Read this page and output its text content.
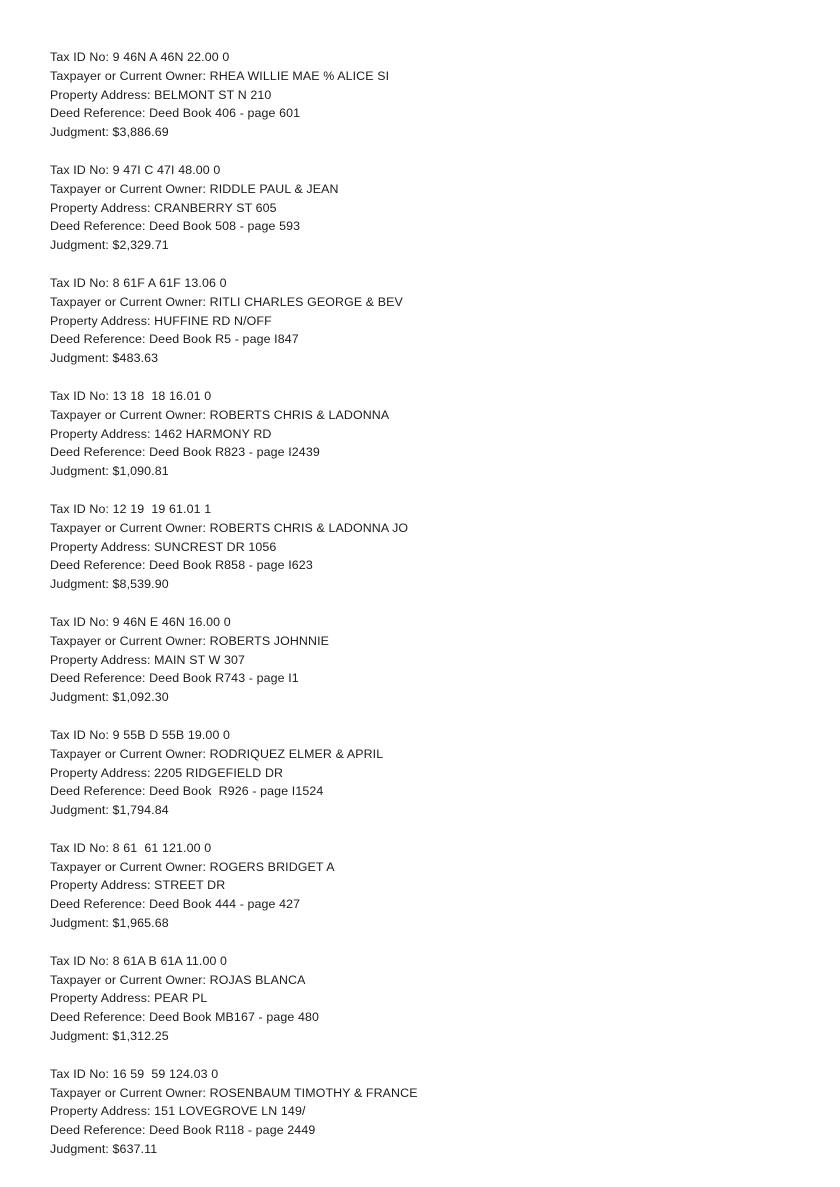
Tax ID No: 9 46N A 46N 22.00 0

Taxpayer or Current Owner: RHEA WILLIE MAE % ALICE SI

Property Address: BELMONT ST N 210

Deed Reference: Deed Book 406 - page 601

Judgment: $3,886.69

Tax ID No: 9 47I C 47I 48.00 0

Taxpayer or Current Owner: RIDDLE PAUL & JEAN

Property Address: CRANBERRY ST 605

Deed Reference: Deed Book 508 - page 593

Judgment: $2,329.71

Tax ID No: 8 61F A 61F 13.06 0

Taxpayer or Current Owner: RITLI CHARLES GEORGE & BEV

Property Address: HUFFINE RD N/OFF

Deed Reference: Deed Book R5 - page I847

Judgment: $483.63

Tax ID No: 13 18  18 16.01 0

Taxpayer or Current Owner: ROBERTS CHRIS & LADONNA

Property Address: 1462 HARMONY RD

Deed Reference: Deed Book R823 - page I2439

Judgment: $1,090.81

Tax ID No: 12 19  19 61.01 1

Taxpayer or Current Owner: ROBERTS CHRIS & LADONNA JO

Property Address: SUNCREST DR 1056

Deed Reference: Deed Book R858 - page I623

Judgment: $8,539.90

Tax ID No: 9 46N E 46N 16.00 0

Taxpayer or Current Owner: ROBERTS JOHNNIE

Property Address: MAIN ST W 307

Deed Reference: Deed Book R743 - page I1

Judgment: $1,092.30

Tax ID No: 9 55B D 55B 19.00 0

Taxpayer or Current Owner: RODRIQUEZ ELMER & APRIL

Property Address: 2205 RIDGEFIELD DR

Deed Reference: Deed Book  R926 - page I1524

Judgment: $1,794.84

Tax ID No: 8 61  61 121.00 0

Taxpayer or Current Owner: ROGERS BRIDGET A

Property Address: STREET DR

Deed Reference: Deed Book 444 - page 427

Judgment: $1,965.68

Tax ID No: 8 61A B 61A 11.00 0

Taxpayer or Current Owner: ROJAS BLANCA

Property Address: PEAR PL

Deed Reference: Deed Book MB167 - page 480

Judgment: $1,312.25

Tax ID No: 16 59  59 124.03 0

Taxpayer or Current Owner: ROSENBAUM TIMOTHY & FRANCE

Property Address: 151 LOVEGROVE LN 149/

Deed Reference: Deed Book R118 - page 2449

Judgment: $637.11
